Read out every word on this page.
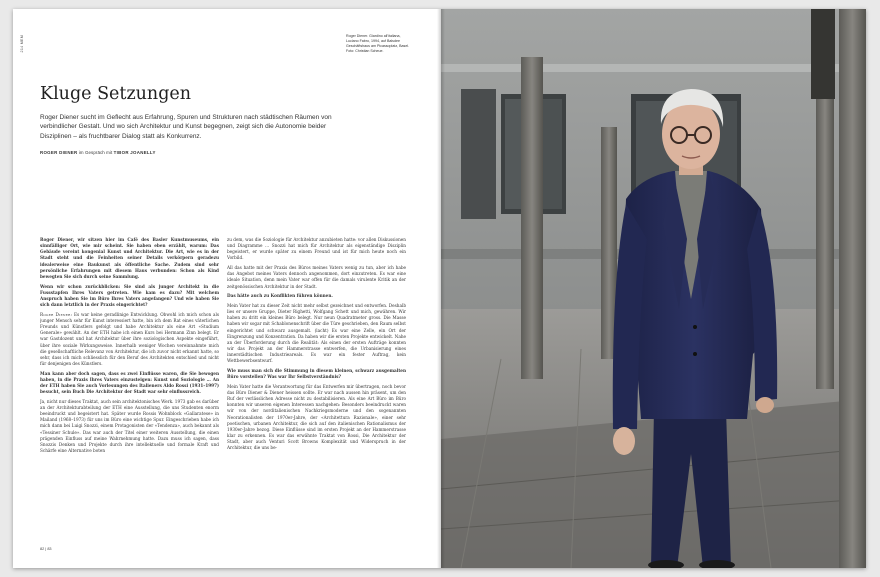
214 MEM
Kluge Setzungen

Roger Diener sucht im Geflecht aus Erfahrung, Spuren und Strukturen nach städtischen Räumen von verbindlicher Gestalt. Und wo sich Architektur und Kunst begegnen, zeigt sich die Autonomie beider Disziplinen – als fruchtbarer Dialog statt als Konkurrenz.

ROGER DIENER im Gespräch mit TIBOR JOANELLY
Roger Diener. Giardino all’italiana, Luciano Fabro, 1994, auf Balsdee Geschäftshaus am Picassoplatz, Basel. Foto: Christian Scheue.

Roger Diener, wir sitzen hier im Café des Basler Kunstmuseums, ein sinnfälliger Ort, wie mir scheint. Sie haben eben erzählt, warum: Das Gebäude vereint kongenial Kunst und Architektur. Die Art, wie es in der Stadt steht und die Feinheiten seiner Details verkörpern geradezu idealerweise eine Baukunst als öffentliche Sache. Zudem sind sehr persönliche Erfahrungen mit diesem Haus verbunden: Schon als Kind bewegten Sie sich durch seine Sammlung.

Wenn wir schon zurückblicken: Sie sind als junger Architekt in die Fussstapfen Ihres Vaters getreten. Wie kam es dazu? Mit welchem Anspruch haben Sie im Büro Ihres Vaters angefangen? Und wie haben Sie sich dann letztlich in der Praxis eingerichtet?

Roger Diener: Es war keine geradlinige Entwicklung. Obwohl ich mich schon als junger Mensch sehr für Kunst interessiert hatte, bin ich dem Rat eines väterlichen Freunds und Künstlers gefolgt und habe Architektur als eine Art «Studium Generale» gewählt. An der ETH habe ich einen Kurs bei Hermann Zinn belegt. Er war Gastdozent und hat Architektur über ihre soziologischen Aspekte eingeführt, über ihre soziale Wirkungsweise. Innerhalb weniger Wochen vereinnahmte mich die gesellschaftliche Relevanz von Architektur, die ich zuvor nicht erkannt hatte, so sehr, dass ich mich schliesslich für den Beruf des Architekten entschied und nicht für denjenigen des Künstlers.

Man kann aber doch sagen, dass es zwei Einflüsse waren, die Sie bewogen haben, in die Praxis Ihres Vaters einzusteigen: Kunst und Soziologie … An der ETH haben Sie auch Vorlesungen des Italieners Aldo Rossi (1931–1997) besucht, sein Buch Die Architektur der Stadt war sehr einflussreich.

Ja, nicht nur dieses Traktat, auch sein architektonisches Werk. 1973 gab es darüber an der Architekturabteilung der ETH eine Ausstellung, die uns Studenten enorm beeindruckt und begeistert hat. Später wurde Rossis Wohnblock «Gallaratese» in Mailand (1968–1973) für uns im Büro eine wichtige Spur. Eingeschrieben habe ich mich dann bei Luigi Snozzi, einem Protagonisten der «Tendenza», auch bekannt als «Tessiner Schule». Das war auch der Titel einer weiteren Ausstellung, die einen prägenden Einfluss auf meine Wahrnehmung hatte. Dazu muss ich sagen, dass Snozzis Denken und Projekte durch ihre intellektuelle und formale Kraft und Schärfe eine Alternative boten

zu dem, was die Soziologie für Architektur anzubieten hatte: vor allen Diskussionen und Diagramme … Snozzi hat mich für Architektur als eigenständige Disziplin begeistert, er wurde später zu einem Freund und ist für mich heute noch ein Vorbild.

All das hatte mit der Praxis des Büros meines Vaters wenig zu tun, aber ich habe das Angebot meines Vaters dennoch angenommen, dort einzutreten. Es war eine ideale Situation, denn mein Vater war offen für die damals virulente Kritik an der zeitgenössischen Architektur in der Stadt.

Das hätte auch zu Konflikten führen können.

Mein Vater hat zu dieser Zeit nicht mehr selbst gezeichnet und entworfen. Deshalb lies er unsere Gruppe, Dieter Righetti, Wolfgang Schett und mich, gewähren. Wir haben zu dritt ein kleines Büro belegt. Nur neun Quadratmeter gross. Die Masse haben wir sogar mit Schablonenschrift über die Türe geschrieben, den Raum selbst eingerichtet und schwarz ausgemalt. (lacht) Es war eine Zelle, ein Ort der Eingrenzung und Konzentration. Da haben wir die ersten Projekte entwickelt. Nahe an der Überforderung durch die Realität: Als einen der ersten Aufträge konnten wir das Projekt an der Hammerstrasse entwerfen, die Urbanisierung eines innerstädtischen Industrieareals. Es war ein fester Auftrag, kein Wettbewerbsentwurf.

Wie muss man sich die Stimmung in diesem kleinen, schwarz ausgemalten Büro vorstellen? Was war Ihr Selbstverständnis?

Mein Vater hatte die Verantwortung für das Entwerfen mir übertragen, noch bevor das Büro Diener & Diener heissen sollte. Er war nach aussen hin präsent, um den Ruf der verlässlichen Adresse nicht zu destabilisieren. Als eine Art Büro im Büro konnten wir unseren eigenen Interessen nachgehen: Besonders beeindruckt waren wir von der norditalienischen Nachkriegsmoderne und den sogenannten Neorationalisten der 1970er-Jahre, der «Architettura Razionale», einer sehr poetischen, urbanen Architektur, die sich auf den italienischen Rationalismus der 1930er-Jahre bezog. Diese Einflüsse sind im ersten Projekt an der Hammerstrasse klar zu erkennen. Es war das erwähnte Traktat von Rossi, Die Architektur der Stadt, aber auch Venturi Scott Browns Komplexität und Widerspruch in der Architektur, die uns be-

82 | 83
